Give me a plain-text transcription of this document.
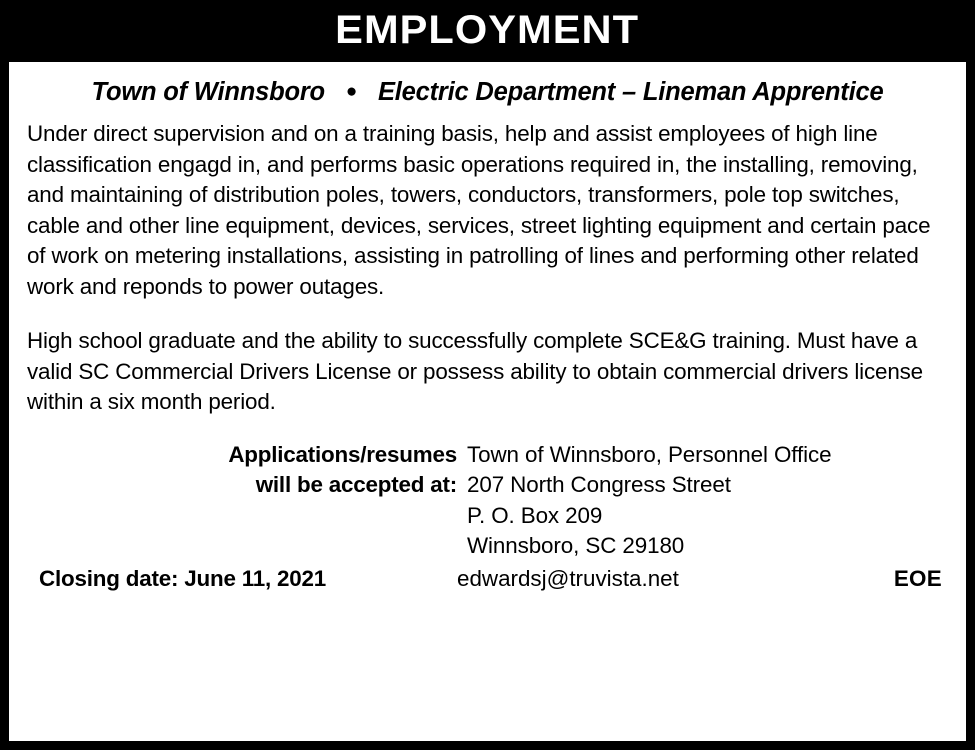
EMPLOYMENT
Town of Winnsboro ● Electric Department – Lineman Apprentice

Under direct supervision and on a training basis, help and assist employees of high line classification engagd in, and performs basic operations required in, the installing, removing, and maintaining of distribution poles, towers, conductors, transformers, pole top switches, cable and other line equipment, devices, services, street lighting equipment and certain pace of work on metering installations, assisting in patrolling of lines and performing other related work and reponds to power outages.

High school graduate and the ability to successfully complete SCE&G training. Must have a valid SC Commercial Drivers License or possess ability to obtain commercial drivers license within a six month period.

Applications/resumes Town of Winnsboro, Personnel Office
will be accepted at: 207 North Congress Street
P. O. Box 209
Winnsboro, SC 29180
Closing date: June 11, 2021	edwardsj@truvista.net	EOE
